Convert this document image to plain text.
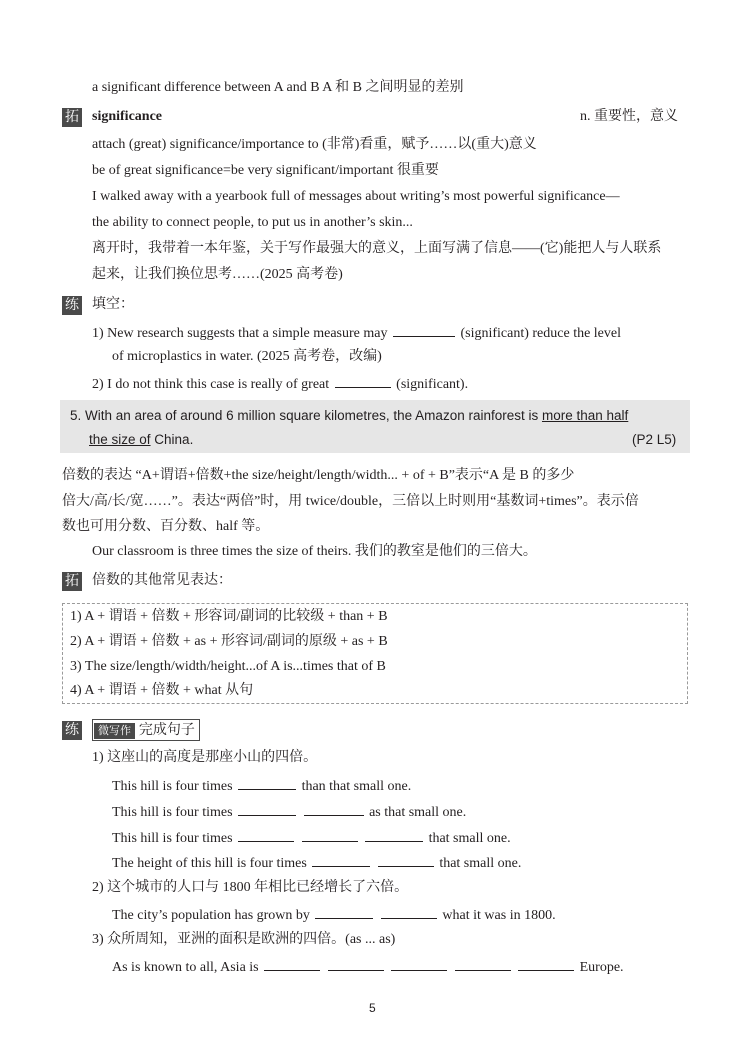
a significant difference between A and B A 和 B 之间明显的差别
拓 significance	n. 重要性，意义
attach (great) significance/importance to (非常)看重，赋予……以(重大)意义
be of great significance=be very significant/important 很重要
I walked away with a yearbook full of messages about writing’s most powerful significance—
the ability to connect people, to put us in another’s skin...
离开时，我带着一本年鉴，关于写作最强大的意义，上面写满了信息——(它)能把人与人联系
起来，让我们换位思考……(2025 高考卷)
练 填空：
1) New research suggests that a simple measure may	(significant) reduce the level
of microplastics in water. (2025 高考卷，改编)
2) I do not think this case is really of great	(significant).
5. With an area of around 6 million square kilometres, the Amazon rainforest is more than half
the size of China.	(P2 L5)
倍数的表达 “A+谓语+倍数+the size/height/length/width... + of + B”表示“A 是 B 的多少
倍大/高/长/宽……”。表达“两倍”时，用 twice/double，三倍以上时则用“基数词+times”。表示倍
数也可用分数、百分数、half 等。
Our classroom is three times the size of theirs. 我们的教室是他们的三倍大。
拓 倍数的其他常见表达：
1) A + 谓语 + 倍数 + 形容词/副词的比较级 + than + B
2) A + 谓语 + 倍数 + as + 形容词/副词的原级 + as + B
3) The size/length/width/height...of A is...times that of B
4) A + 谓语 + 倍数 + what 从句
练	微写作 完成句子
1) 这座山的高度是那座小山的四倍。
This hill is four times	than that small one.
This hill is four times	as that small one.
This hill is four times	that small one.
The height of this hill is four times	that small one.
2) 这个城市的人口与 1800 年相比已经增长了六倍。
The city’s population has grown by	what it was in 1800.
3) 众所周知，亚洲的面积是欧洲的四倍。(as ... as)
As is known to all, Asia is	Europe.
5
